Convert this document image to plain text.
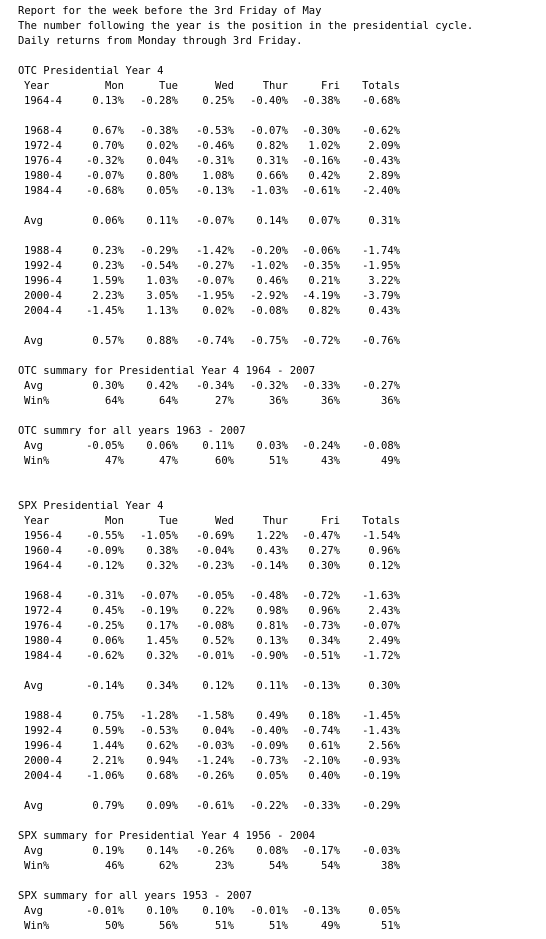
Report for the week before the 3rd Friday of May
The number following the year is the position in the presidential cycle.
Daily returns from Monday through 3rd Friday.
OTC Presidential Year 4
Year	Mon	Tue	Wed	Thur	Fri	Totals
1964-4	0.13%	-0.28%	0.25%	-0.40%	-0.38%	-0.68%
1968-4	0.67%	-0.38%	-0.53%	-0.07%	-0.30%	-0.62%
1972-4	0.70%	0.02%	-0.46%	0.82%	1.02%	2.09%
1976-4	-0.32%	0.04%	-0.31%	0.31%	-0.16%	-0.43%
1980-4	-0.07%	0.80%	1.08%	0.66%	0.42%	2.89%
1984-4	-0.68%	0.05%	-0.13%	-1.03%	-0.61%	-2.40%
Avg	0.06%	0.11%	-0.07%	0.14%	0.07%	0.31%
1988-4	0.23%	-0.29%	-1.42%	-0.20%	-0.06%	-1.74%
1992-4	0.23%	-0.54%	-0.27%	-1.02%	-0.35%	-1.95%
1996-4	1.59%	1.03%	-0.07%	0.46%	0.21%	3.22%
2000-4	2.23%	3.05%	-1.95%	-2.92%	-4.19%	-3.79%
2004-4	-1.45%	1.13%	0.02%	-0.08%	0.82%	0.43%
Avg	0.57%	0.88%	-0.74%	-0.75%	-0.72%	-0.76%
OTC summary for Presidential Year 4 1964 - 2007
Avg	0.30%	0.42%	-0.34%	-0.32%	-0.33%	-0.27%
Win%	64%	64%	27%	36%	36%	36%
OTC summry for all years 1963 - 2007
Avg	-0.05%	0.06%	0.11%	0.03%	-0.24%	-0.08%
Win%	47%	47%	60%	51%	43%	49%
SPX Presidential Year 4
Year	Mon	Tue	Wed	Thur	Fri	Totals
1956-4	-0.55%	-1.05%	-0.69%	1.22%	-0.47%	-1.54%
1960-4	-0.09%	0.38%	-0.04%	0.43%	0.27%	0.96%
1964-4	-0.12%	0.32%	-0.23%	-0.14%	0.30%	0.12%
1968-4	-0.31%	-0.07%	-0.05%	-0.48%	-0.72%	-1.63%
1972-4	0.45%	-0.19%	0.22%	0.98%	0.96%	2.43%
1976-4	-0.25%	0.17%	-0.08%	0.81%	-0.73%	-0.07%
1980-4	0.06%	1.45%	0.52%	0.13%	0.34%	2.49%
1984-4	-0.62%	0.32%	-0.01%	-0.90%	-0.51%	-1.72%
Avg	-0.14%	0.34%	0.12%	0.11%	-0.13%	0.30%
1988-4	0.75%	-1.28%	-1.58%	0.49%	0.18%	-1.45%
1992-4	0.59%	-0.53%	0.04%	-0.40%	-0.74%	-1.43%
1996-4	1.44%	0.62%	-0.03%	-0.09%	0.61%	2.56%
2000-4	2.21%	0.94%	-1.24%	-0.73%	-2.10%	-0.93%
2004-4	-1.06%	0.68%	-0.26%	0.05%	0.40%	-0.19%
Avg	0.79%	0.09%	-0.61%	-0.22%	-0.33%	-0.29%
SPX summary for Presidential Year 4 1956 - 2004
Avg	0.19%	0.14%	-0.26%	0.08%	-0.17%	-0.03%
Win%	46%	62%	23%	54%	54%	38%
SPX summary for all years 1953 - 2007
Avg	-0.01%	0.10%	0.10%	-0.01%	-0.13%	0.05%
Win%	50%	56%	51%	51%	49%	51%
